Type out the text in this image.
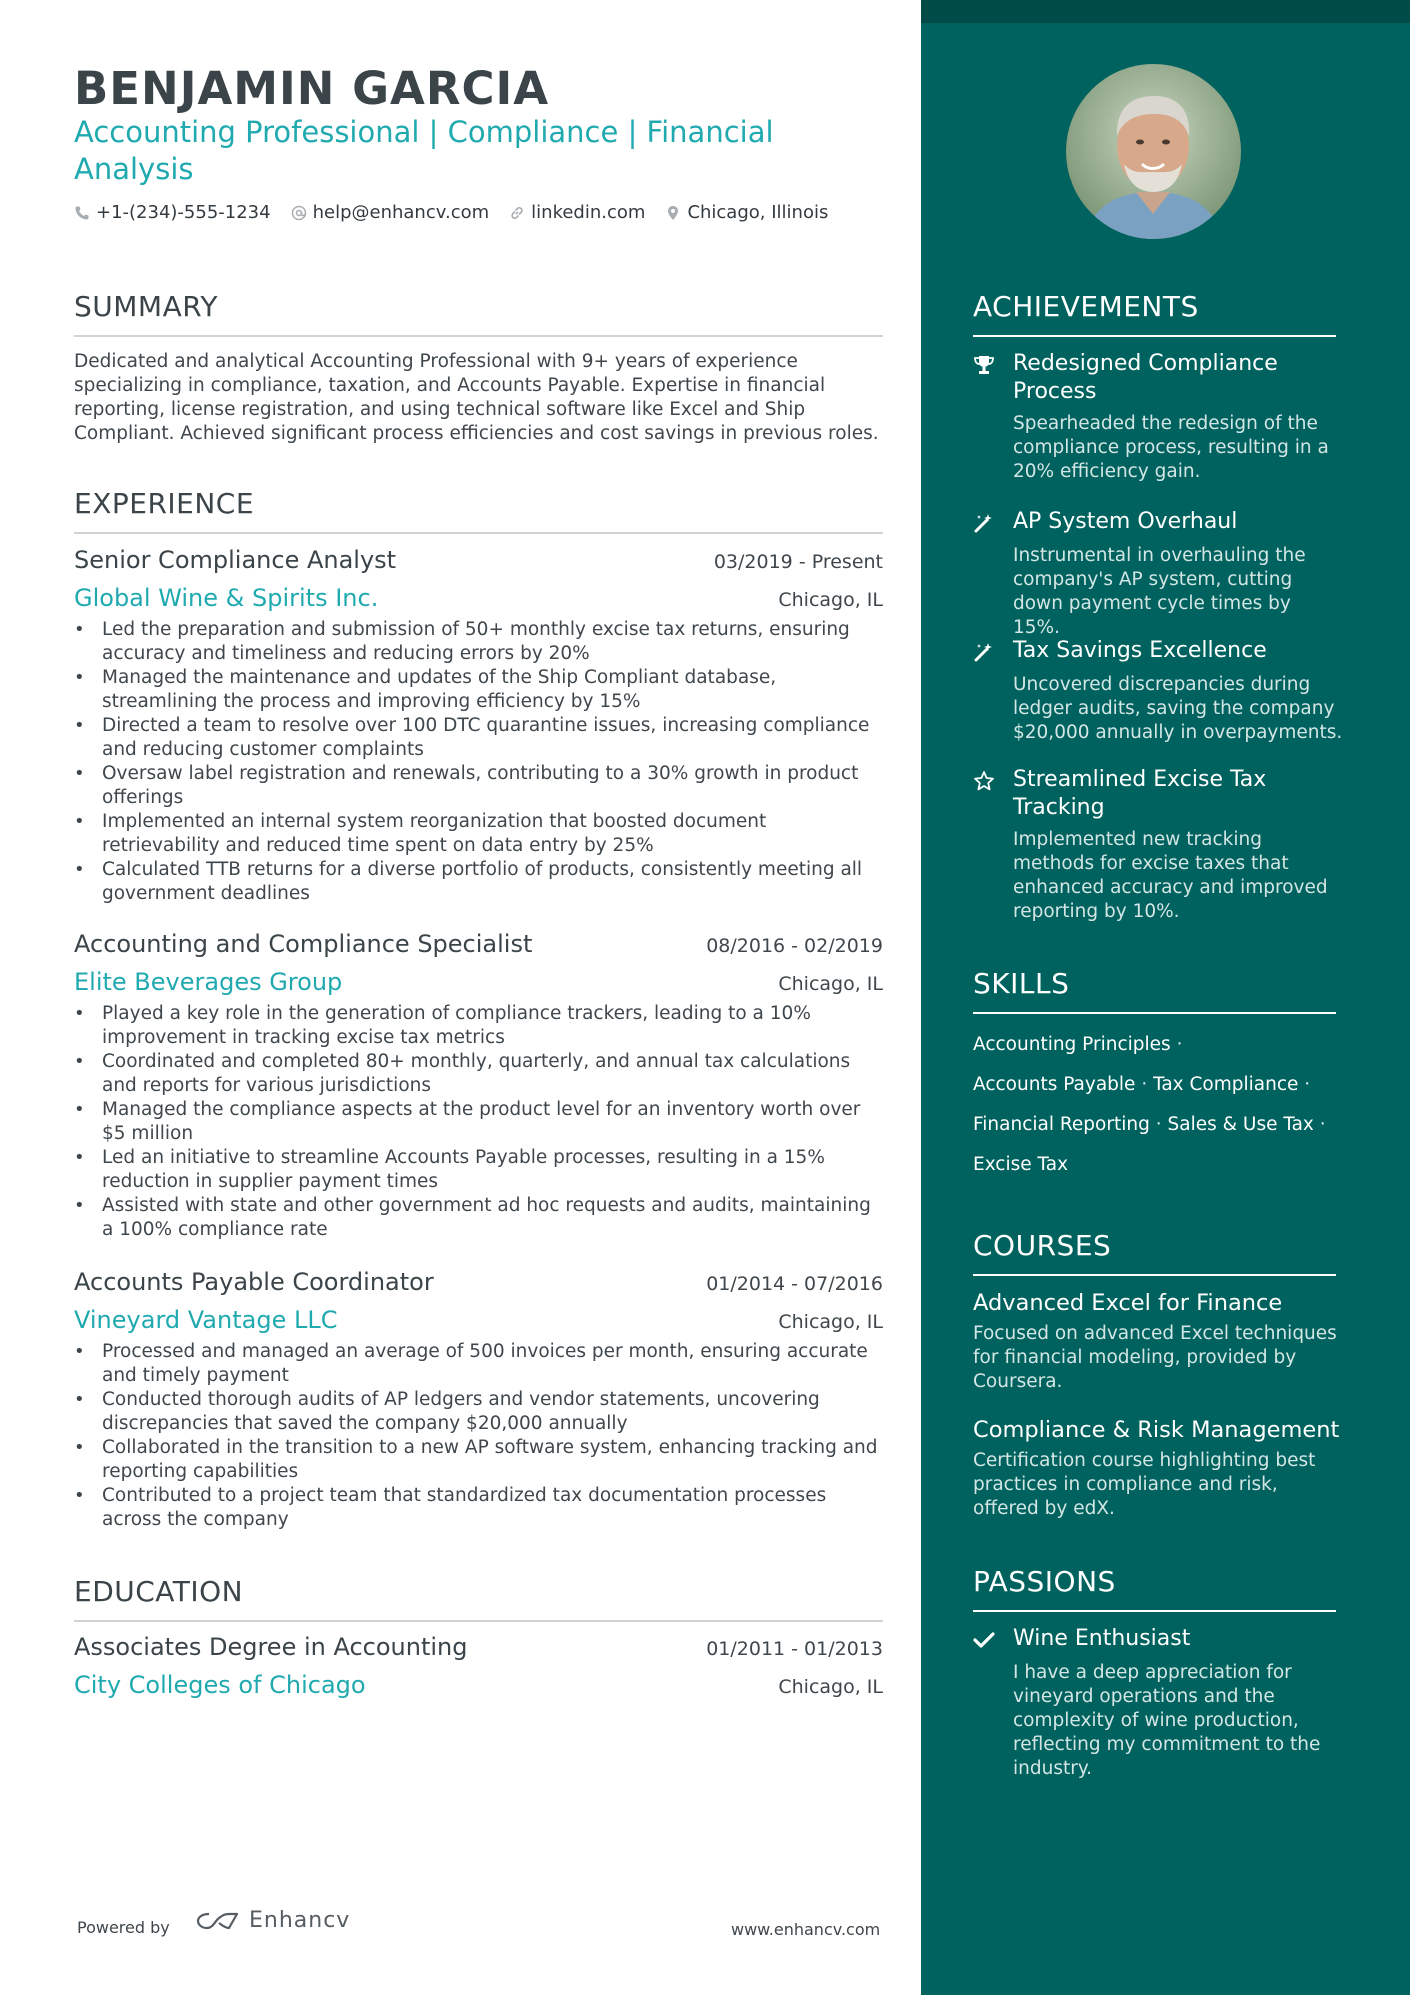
BENJAMIN GARCIA
Accounting Professional | Compliance | Financial Analysis
+1-(234)-555-1234 help@enhancv.com linkedin.com Chicago, Illinois
SUMMARY
Dedicated and analytical Accounting Professional with 9+ years of experience specializing in compliance, taxation, and Accounts Payable. Expertise in financial reporting, license registration, and using technical software like Excel and Ship Compliant. Achieved significant process efficiencies and cost savings in previous roles.
EXPERIENCE
Senior Compliance Analyst	03/2019 - Present
Global Wine & Spirits Inc.	Chicago, IL
• Led the preparation and submission of 50+ monthly excise tax returns, ensuring accuracy and timeliness and reducing errors by 20%
• Managed the maintenance and updates of the Ship Compliant database, streamlining the process and improving efficiency by 15%
• Directed a team to resolve over 100 DTC quarantine issues, increasing compliance and reducing customer complaints
• Oversaw label registration and renewals, contributing to a 30% growth in product offerings
• Implemented an internal system reorganization that boosted document retrievability and reduced time spent on data entry by 25%
• Calculated TTB returns for a diverse portfolio of products, consistently meeting all government deadlines
Accounting and Compliance Specialist	08/2016 - 02/2019
Elite Beverages Group	Chicago, IL
• Played a key role in the generation of compliance trackers, leading to a 10% improvement in tracking excise tax metrics
• Coordinated and completed 80+ monthly, quarterly, and annual tax calculations and reports for various jurisdictions
• Managed the compliance aspects at the product level for an inventory worth over $5 million
• Led an initiative to streamline Accounts Payable processes, resulting in a 15% reduction in supplier payment times
• Assisted with state and other government ad hoc requests and audits, maintaining a 100% compliance rate
Accounts Payable Coordinator	01/2014 - 07/2016
Vineyard Vantage LLC	Chicago, IL
• Processed and managed an average of 500 invoices per month, ensuring accurate and timely payment
• Conducted thorough audits of AP ledgers and vendor statements, uncovering discrepancies that saved the company $20,000 annually
• Collaborated in the transition to a new AP software system, enhancing tracking and reporting capabilities
• Contributed to a project team that standardized tax documentation processes across the company
EDUCATION
Associates Degree in Accounting	01/2011 - 01/2013
City Colleges of Chicago	Chicago, IL
Powered by	Enhancv	www.enhancv.com
ACHIEVEMENTS
Redesigned Compliance Process
Spearheaded the redesign of the compliance process, resulting in a 20% efficiency gain.
AP System Overhaul
Instrumental in overhauling the company's AP system, cutting down payment cycle times by 15%.
Tax Savings Excellence
Uncovered discrepancies during ledger audits, saving the company $20,000 annually in overpayments.
Streamlined Excise Tax Tracking
Implemented new tracking methods for excise taxes that enhanced accuracy and improved reporting by 10%.
SKILLS
Accounting Principles ·
Accounts Payable · Tax Compliance ·
Financial Reporting · Sales & Use Tax ·
Excise Tax
COURSES
Advanced Excel for Finance
Focused on advanced Excel techniques for financial modeling, provided by Coursera.
Compliance & Risk Management
Certification course highlighting best practices in compliance and risk, offered by edX.
PASSIONS
Wine Enthusiast
I have a deep appreciation for vineyard operations and the complexity of wine production, reflecting my commitment to the industry.
